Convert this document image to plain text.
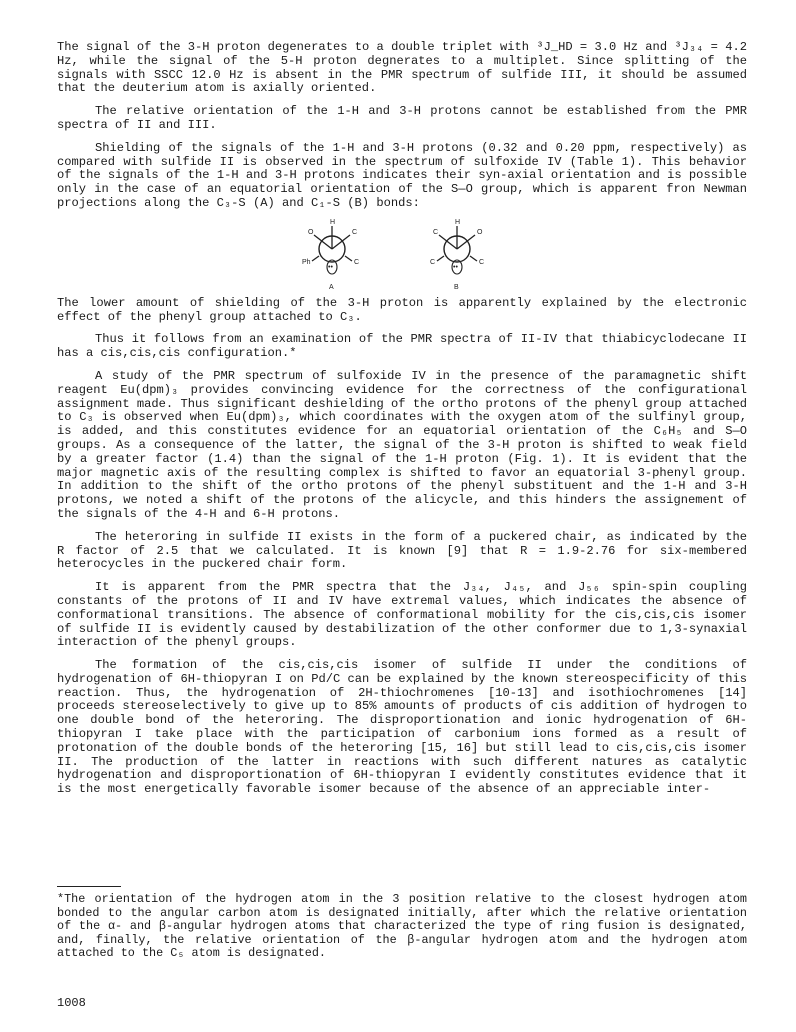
The signal of the 3-H proton degenerates to a double triplet with ³J_HD = 3.0 Hz and ³J₃₄ = 4.2 Hz, while the signal of the 5-H proton degnerates to a multiplet. Since splitting of the signals with SSCC 12.0 Hz is absent in the PMR spectrum of sulfide III, it should be assumed that the deuterium atom is axially oriented.

The relative orientation of the 1-H and 3-H protons cannot be established from the PMR spectra of II and III.

Shielding of the signals of the 1-H and 3-H protons (0.32 and 0.20 ppm, respectively) as compared with sulfide II is observed in the spectrum of sulfoxide IV (Table 1). This behavior of the signals of the 1-H and 3-H protons indicates their syn-axial orientation and is possible only in the case of an equatorial orientation of the S—O group, which is apparent fron Newman projections along the C₃-S (A) and C₁-S (B) bonds:

H
O	C
Ph	C
••
A
H
C	O
C	C
••
B

The lower amount of shielding of the 3-H proton is apparently explained by the electronic effect of the phenyl group attached to C₃.

Thus it follows from an examination of the PMR spectra of II-IV that thiabicyclodecane II has a cis,cis,cis configuration.*

A study of the PMR spectrum of sulfoxide IV in the presence of the paramagnetic shift reagent Eu(dpm)₃ provides convincing evidence for the correctness of the configurational assignment made. Thus significant deshielding of the ortho protons of the phenyl group attached to C₃ is observed when Eu(dpm)₃, which coordinates with the oxygen atom of the sulfinyl group, is added, and this constitutes evidence for an equatorial orientation of the C₆H₅ and S—O groups. As a consequence of the latter, the signal of the 3-H proton is shifted to weak field by a greater factor (1.4) than the signal of the 1-H proton (Fig. 1). It is evident that the major magnetic axis of the resulting complex is shifted to favor an equatorial 3-phenyl group. In addition to the shift of the ortho protons of the phenyl substituent and the 1-H and 3-H protons, we noted a shift of the protons of the alicycle, and this hinders the assignement of the signals of the 4-H and 6-H protons.

The heteroring in sulfide II exists in the form of a puckered chair, as indicated by the R factor of 2.5 that we calculated. It is known [9] that R = 1.9-2.76 for six-membered heterocycles in the puckered chair form.

It is apparent from the PMR spectra that the J₃₄, J₄₅, and J₅₆ spin-spin coupling constants of the protons of II and IV have extremal values, which indicates the absence of conformational transitions. The absence of conformational mobility for the cis,cis,cis isomer of sulfide II is evidently caused by destabilization of the other conformer due to 1,3-synaxial interaction of the phenyl groups.

The formation of the cis,cis,cis isomer of sulfide II under the conditions of hydrogenation of 6H-thiopyran I on Pd/C can be explained by the known stereospecificity of this reaction. Thus, the hydrogenation of 2H-thiochromenes [10-13] and isothiochromenes [14] proceeds stereoselectively to give up to 85% amounts of products of cis addition of hydrogen to one double bond of the heteroring. The disproportionation and ionic hydrogenation of 6H-thiopyran I take place with the participation of carbonium ions formed as a result of protonation of the double bonds of the heteroring [15, 16] but still lead to cis,cis,cis isomer II. The production of the latter in reactions with such different natures as catalytic hydrogenation and disproportionation of 6H-thiopyran I evidently constitutes evidence that it is the most energetically favorable isomer because of the absence of an appreciable inter-

*The orientation of the hydrogen atom in the 3 position relative to the closest hydrogen atom bonded to the angular carbon atom is designated initially, after which the relative orientation of the α- and β-angular hydrogen atoms that characterized the type of ring fusion is designated, and, finally, the relative orientation of the β-angular hydrogen atom and the hydrogen atom attached to the C₅ atom is designated.

1008
